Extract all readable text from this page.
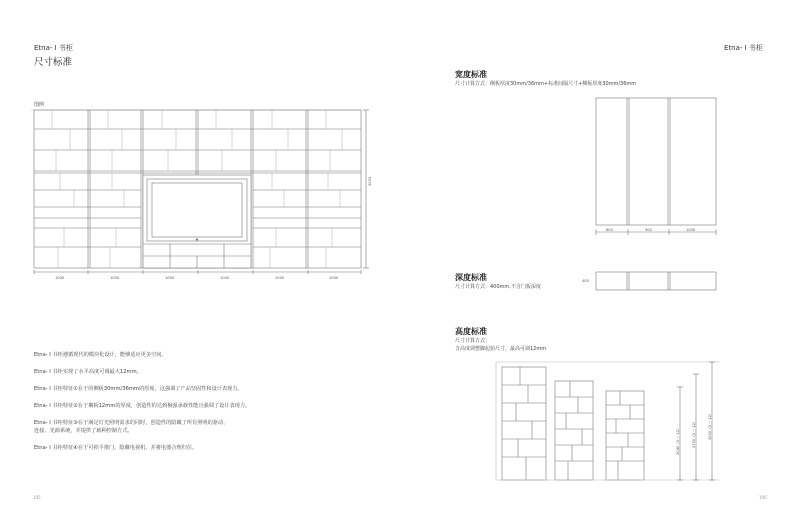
Etna- I 书柜
尺寸标准
图例
3000
1000	1000	1000	1000	1000	1000
Etna- I 书柜遵循现代的模块化设计，能够适应更多空间。
Etna- I 书柜实现了水平高度可调最大12mm。
Etna- I 书柜特征①在于的侧板30mm/36mm的厚度，这强调了产品坚固性和设计表现力。
Etna- I 书柜特征②在于搁板12mm的厚度，创造性的达到极强承载性能且强调了设计表现力。
Etna- I 书柜特征③在于满足灯光照明需求的同时，创造性的隐藏了所有照明的驱动、
连接、光源系统，并提供了载种控制方式。
Etna- I 书柜特征④在于可掉平推门，隐藏电视机，并将电器合理归位。
105
Etna- I 书柜
宽度标准
尺寸计算方式：侧板厚度30mm/36mm+标准间隔尺寸+侧板厚度30mm/36mm
600	900	1000
深度标准
尺寸计算方式：400mm,不含门板深度
400
高度标准
尺寸计算方式：
含高度调整脚起始尺寸，最高可调12mm
2040（0 ~ 12）	2730（0 ~ 12）	3000（0 ~ 12）
106
